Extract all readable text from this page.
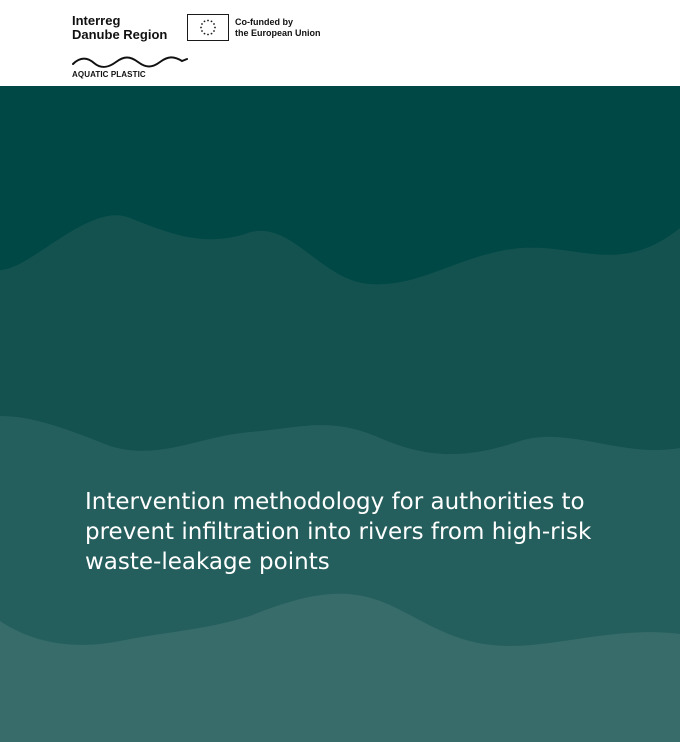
Interreg
Danube Region
Co-funded by
the European Union
AQUATIC PLASTIC
Intervention methodology for authorities to prevent infiltration into rivers from high-risk waste-leakage points
